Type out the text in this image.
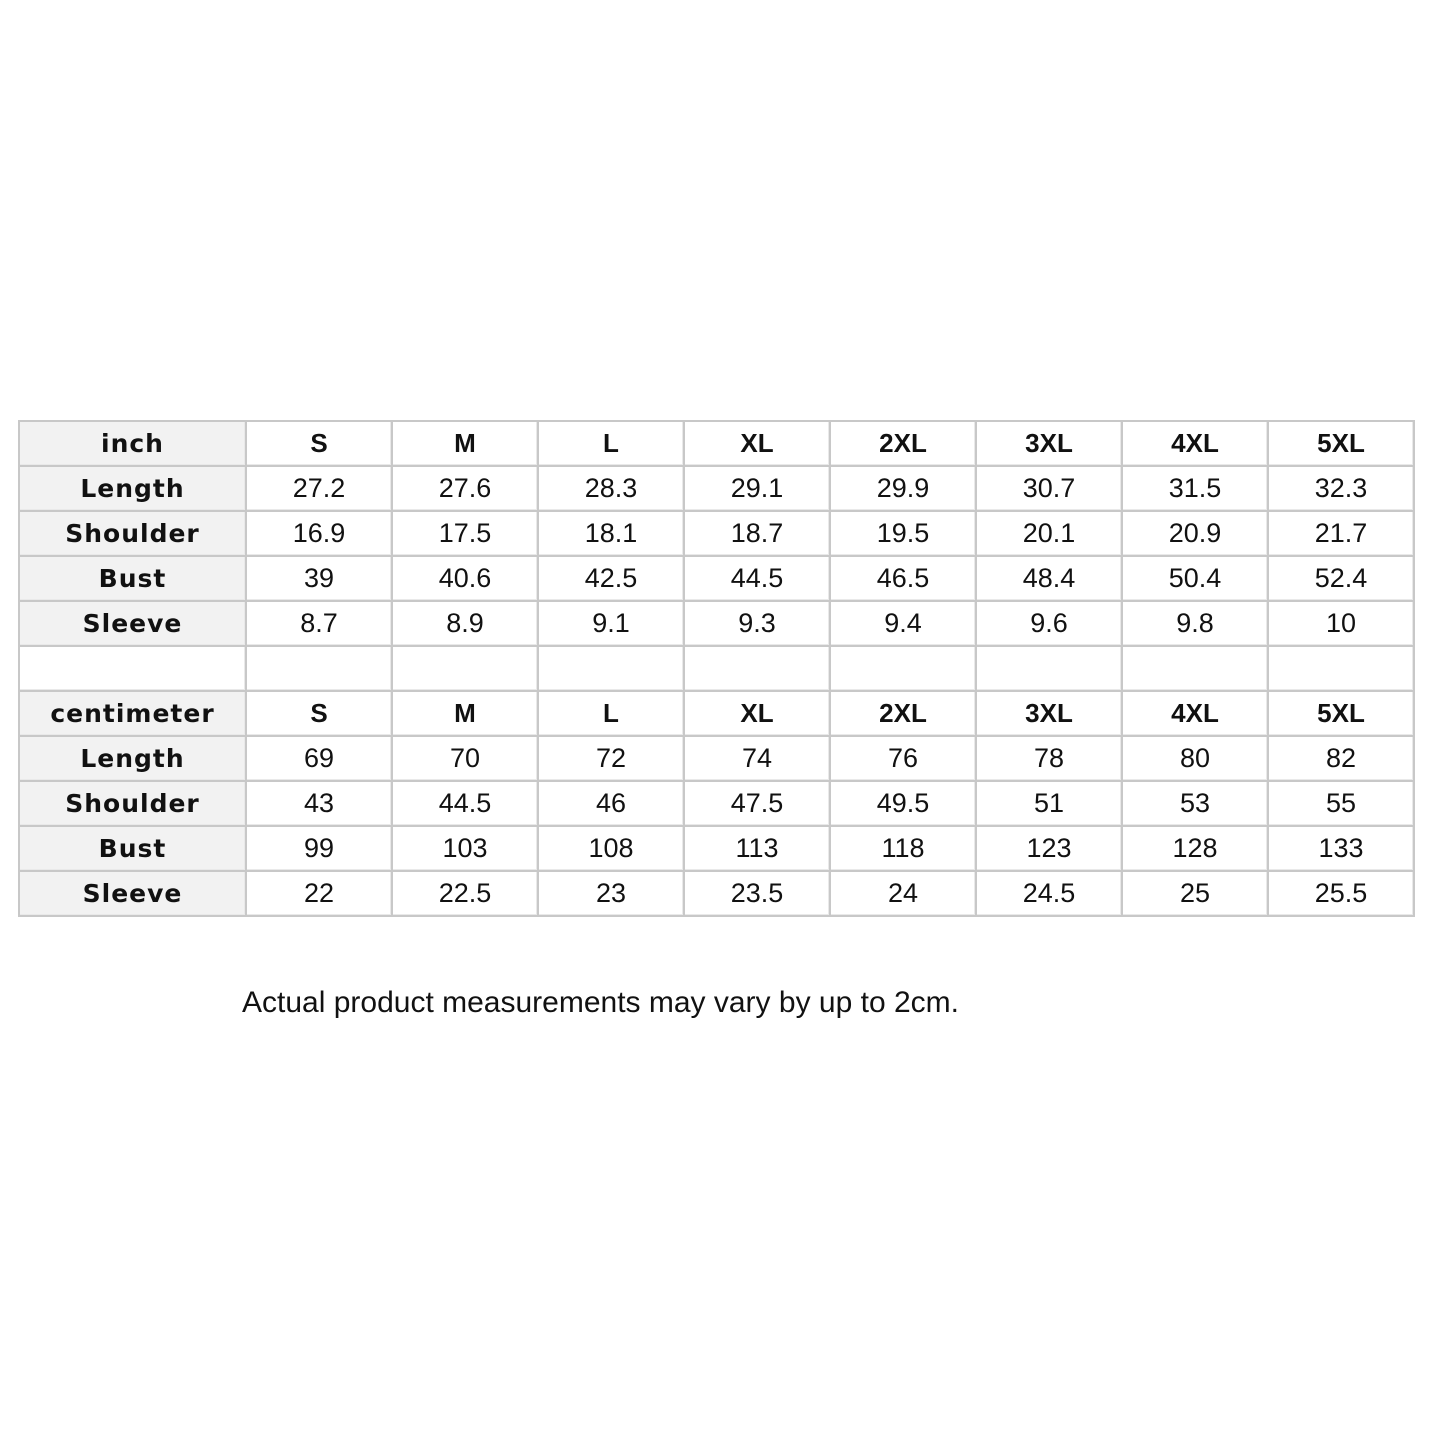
inch	S	M	L	XL	2XL	3XL	4XL	5XL
Length	27.2	27.6	28.3	29.1	29.9	30.7	31.5	32.3
Shoulder	16.9	17.5	18.1	18.7	19.5	20.1	20.9	21.7
Bust	39	40.6	42.5	44.5	46.5	48.4	50.4	52.4
Sleeve	8.7	8.9	9.1	9.3	9.4	9.6	9.8	10

centimeter	S	M	L	XL	2XL	3XL	4XL	5XL
Length	69	70	72	74	76	78	80	82
Shoulder	43	44.5	46	47.5	49.5	51	53	55
Bust	99	103	108	113	118	123	128	133
Sleeve	22	22.5	23	23.5	24	24.5	25	25.5
Actual product measurements may vary by up to 2cm.
